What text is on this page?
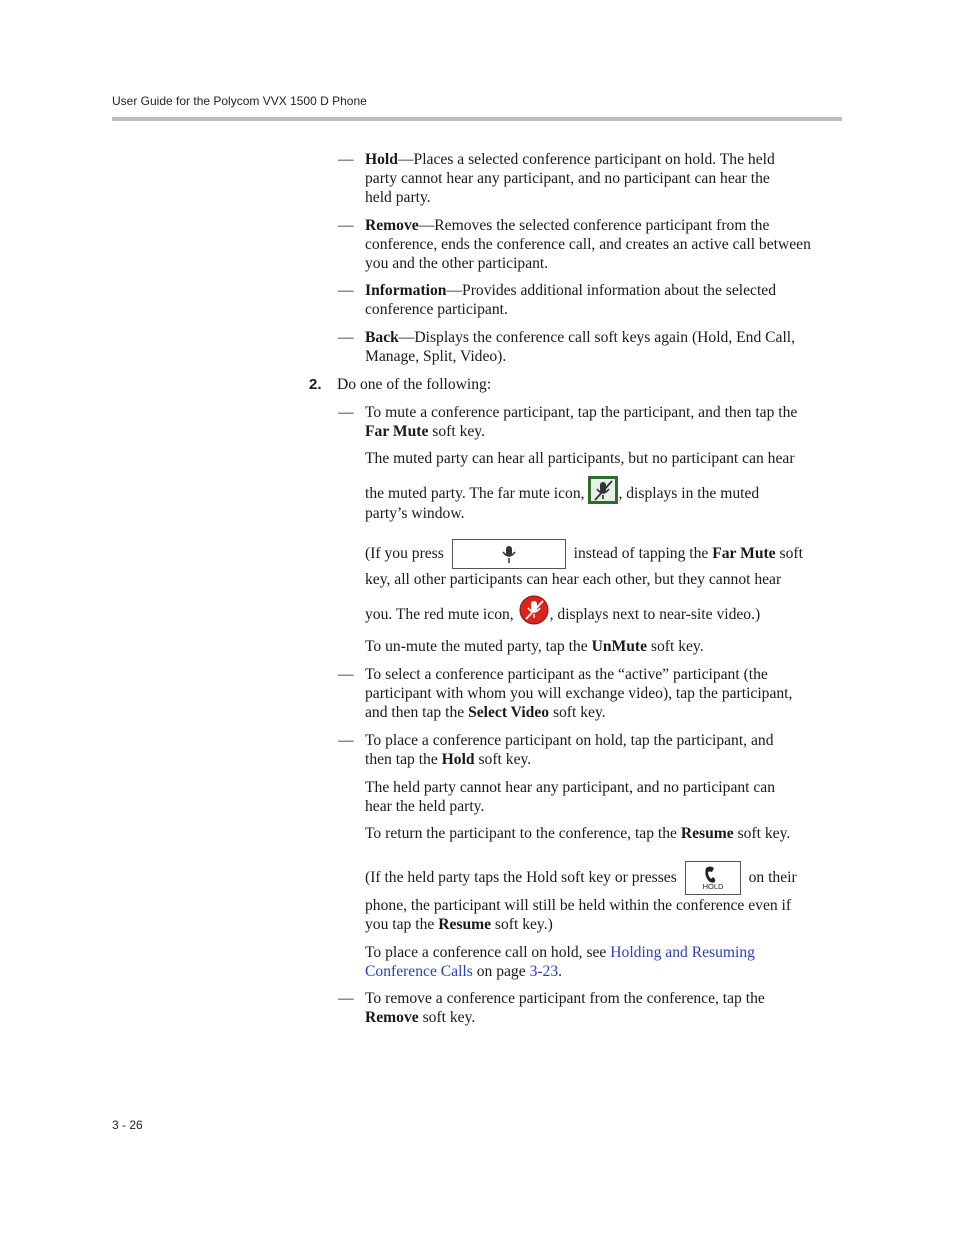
User Guide for the Polycom VVX 1500 D Phone
— Hold—Places a selected conference participant on hold. The held
party cannot hear any participant, and no participant can hear the
held party.
— Remove—Removes the selected conference participant from the
conference, ends the conference call, and creates an active call between
you and the other participant.
— Information—Provides additional information about the selected
conference participant.
— Back—Displays the conference call soft keys again (Hold, End Call,
Manage, Split, Video).
2. Do one of the following:
— To mute a conference participant, tap the participant, and then tap the
Far Mute soft key.
The muted party can hear all participants, but no participant can hear
the muted party. The far mute icon, , displays in the muted
party’s window.
(If you press	instead of tapping the Far Mute soft
key, all other participants can hear each other, but they cannot hear
you. The red mute icon, , displays next to near-site video.)
To un-mute the muted party, tap the UnMute soft key.
— To select a conference participant as the “active” participant (the
participant with whom you will exchange video), tap the participant,
and then tap the Select Video soft key.
— To place a conference participant on hold, tap the participant, and
then tap the Hold soft key.
The held party cannot hear any participant, and no participant can
hear the held party.
To return the participant to the conference, tap the Resume soft key.
(If the held party taps the Hold soft key or presses
HOLD
on their
phone, the participant will still be held within the conference even if
you tap the Resume soft key.)
To place a conference call on hold, see Holding and Resuming
Conference Calls on page 3-23.
— To remove a conference participant from the conference, tap the
Remove soft key.
3 - 26
